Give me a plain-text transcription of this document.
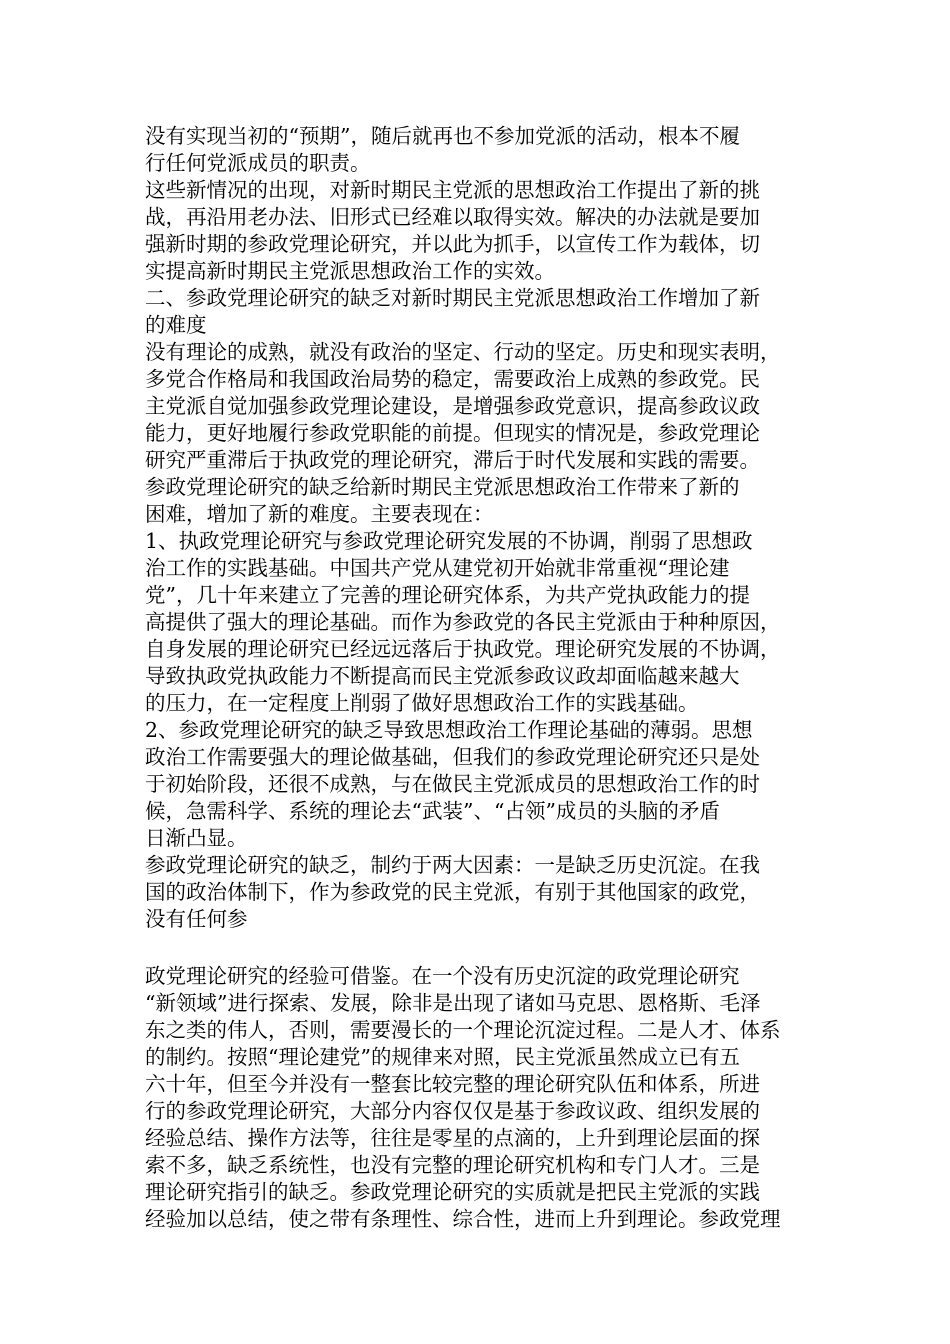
没有实现当初的“预期”，随后就再也不参加党派的活动，根本不履
行任何党派成员的职责。
这些新情况的出现，对新时期民主党派的思想政治工作提出了新的挑
战，再沿用老办法、旧形式已经难以取得实效。解决的办法就是要加
强新时期的参政党理论研究，并以此为抓手，以宣传工作为载体，切
实提高新时期民主党派思想政治工作的实效。
二、参政党理论研究的缺乏对新时期民主党派思想政治工作增加了新
的难度
没有理论的成熟，就没有政治的坚定、行动的坚定。历史和现实表明，
多党合作格局和我国政治局势的稳定，需要政治上成熟的参政党。民
主党派自觉加强参政党理论建设，是增强参政党意识，提高参政议政
能力，更好地履行参政党职能的前提。但现实的情况是，参政党理论
研究严重滞后于执政党的理论研究，滞后于时代发展和实践的需要。
参政党理论研究的缺乏给新时期民主党派思想政治工作带来了新的
困难，增加了新的难度。主要表现在：
1、执政党理论研究与参政党理论研究发展的不协调，削弱了思想政
治工作的实践基础。中国共产党从建党初开始就非常重视“理论建
党”，几十年来建立了完善的理论研究体系，为共产党执政能力的提
高提供了强大的理论基础。而作为参政党的各民主党派由于种种原因，
自身发展的理论研究已经远远落后于执政党。理论研究发展的不协调，
导致执政党执政能力不断提高而民主党派参政议政却面临越来越大
的压力，在一定程度上削弱了做好思想政治工作的实践基础。
2、参政党理论研究的缺乏导致思想政治工作理论基础的薄弱。思想
政治工作需要强大的理论做基础，但我们的参政党理论研究还只是处
于初始阶段，还很不成熟，与在做民主党派成员的思想政治工作的时
候，急需科学、系统的理论去“武装”、“占领”成员的头脑的矛盾
日渐凸显。
参政党理论研究的缺乏，制约于两大因素：一是缺乏历史沉淀。在我
国的政治体制下，作为参政党的民主党派，有别于其他国家的政党，
没有任何参
政党理论研究的经验可借鉴。在一个没有历史沉淀的政党理论研究
“新领域”进行探索、发展，除非是出现了诸如马克思、恩格斯、毛泽
东之类的伟人，否则，需要漫长的一个理论沉淀过程。二是人才、体系
的制约。按照“理论建党”的规律来对照，民主党派虽然成立已有五
六十年，但至今并没有一整套比较完整的理论研究队伍和体系，所进
行的参政党理论研究，大部分内容仅仅是基于参政议政、组织发展的
经验总结、操作方法等，往往是零星的点滴的，上升到理论层面的探
索不多，缺乏系统性，也没有完整的理论研究机构和专门人才。三是
理论研究指引的缺乏。参政党理论研究的实质就是把民主党派的实践
经验加以总结，使之带有条理性、综合性，进而上升到理论。参政党理
